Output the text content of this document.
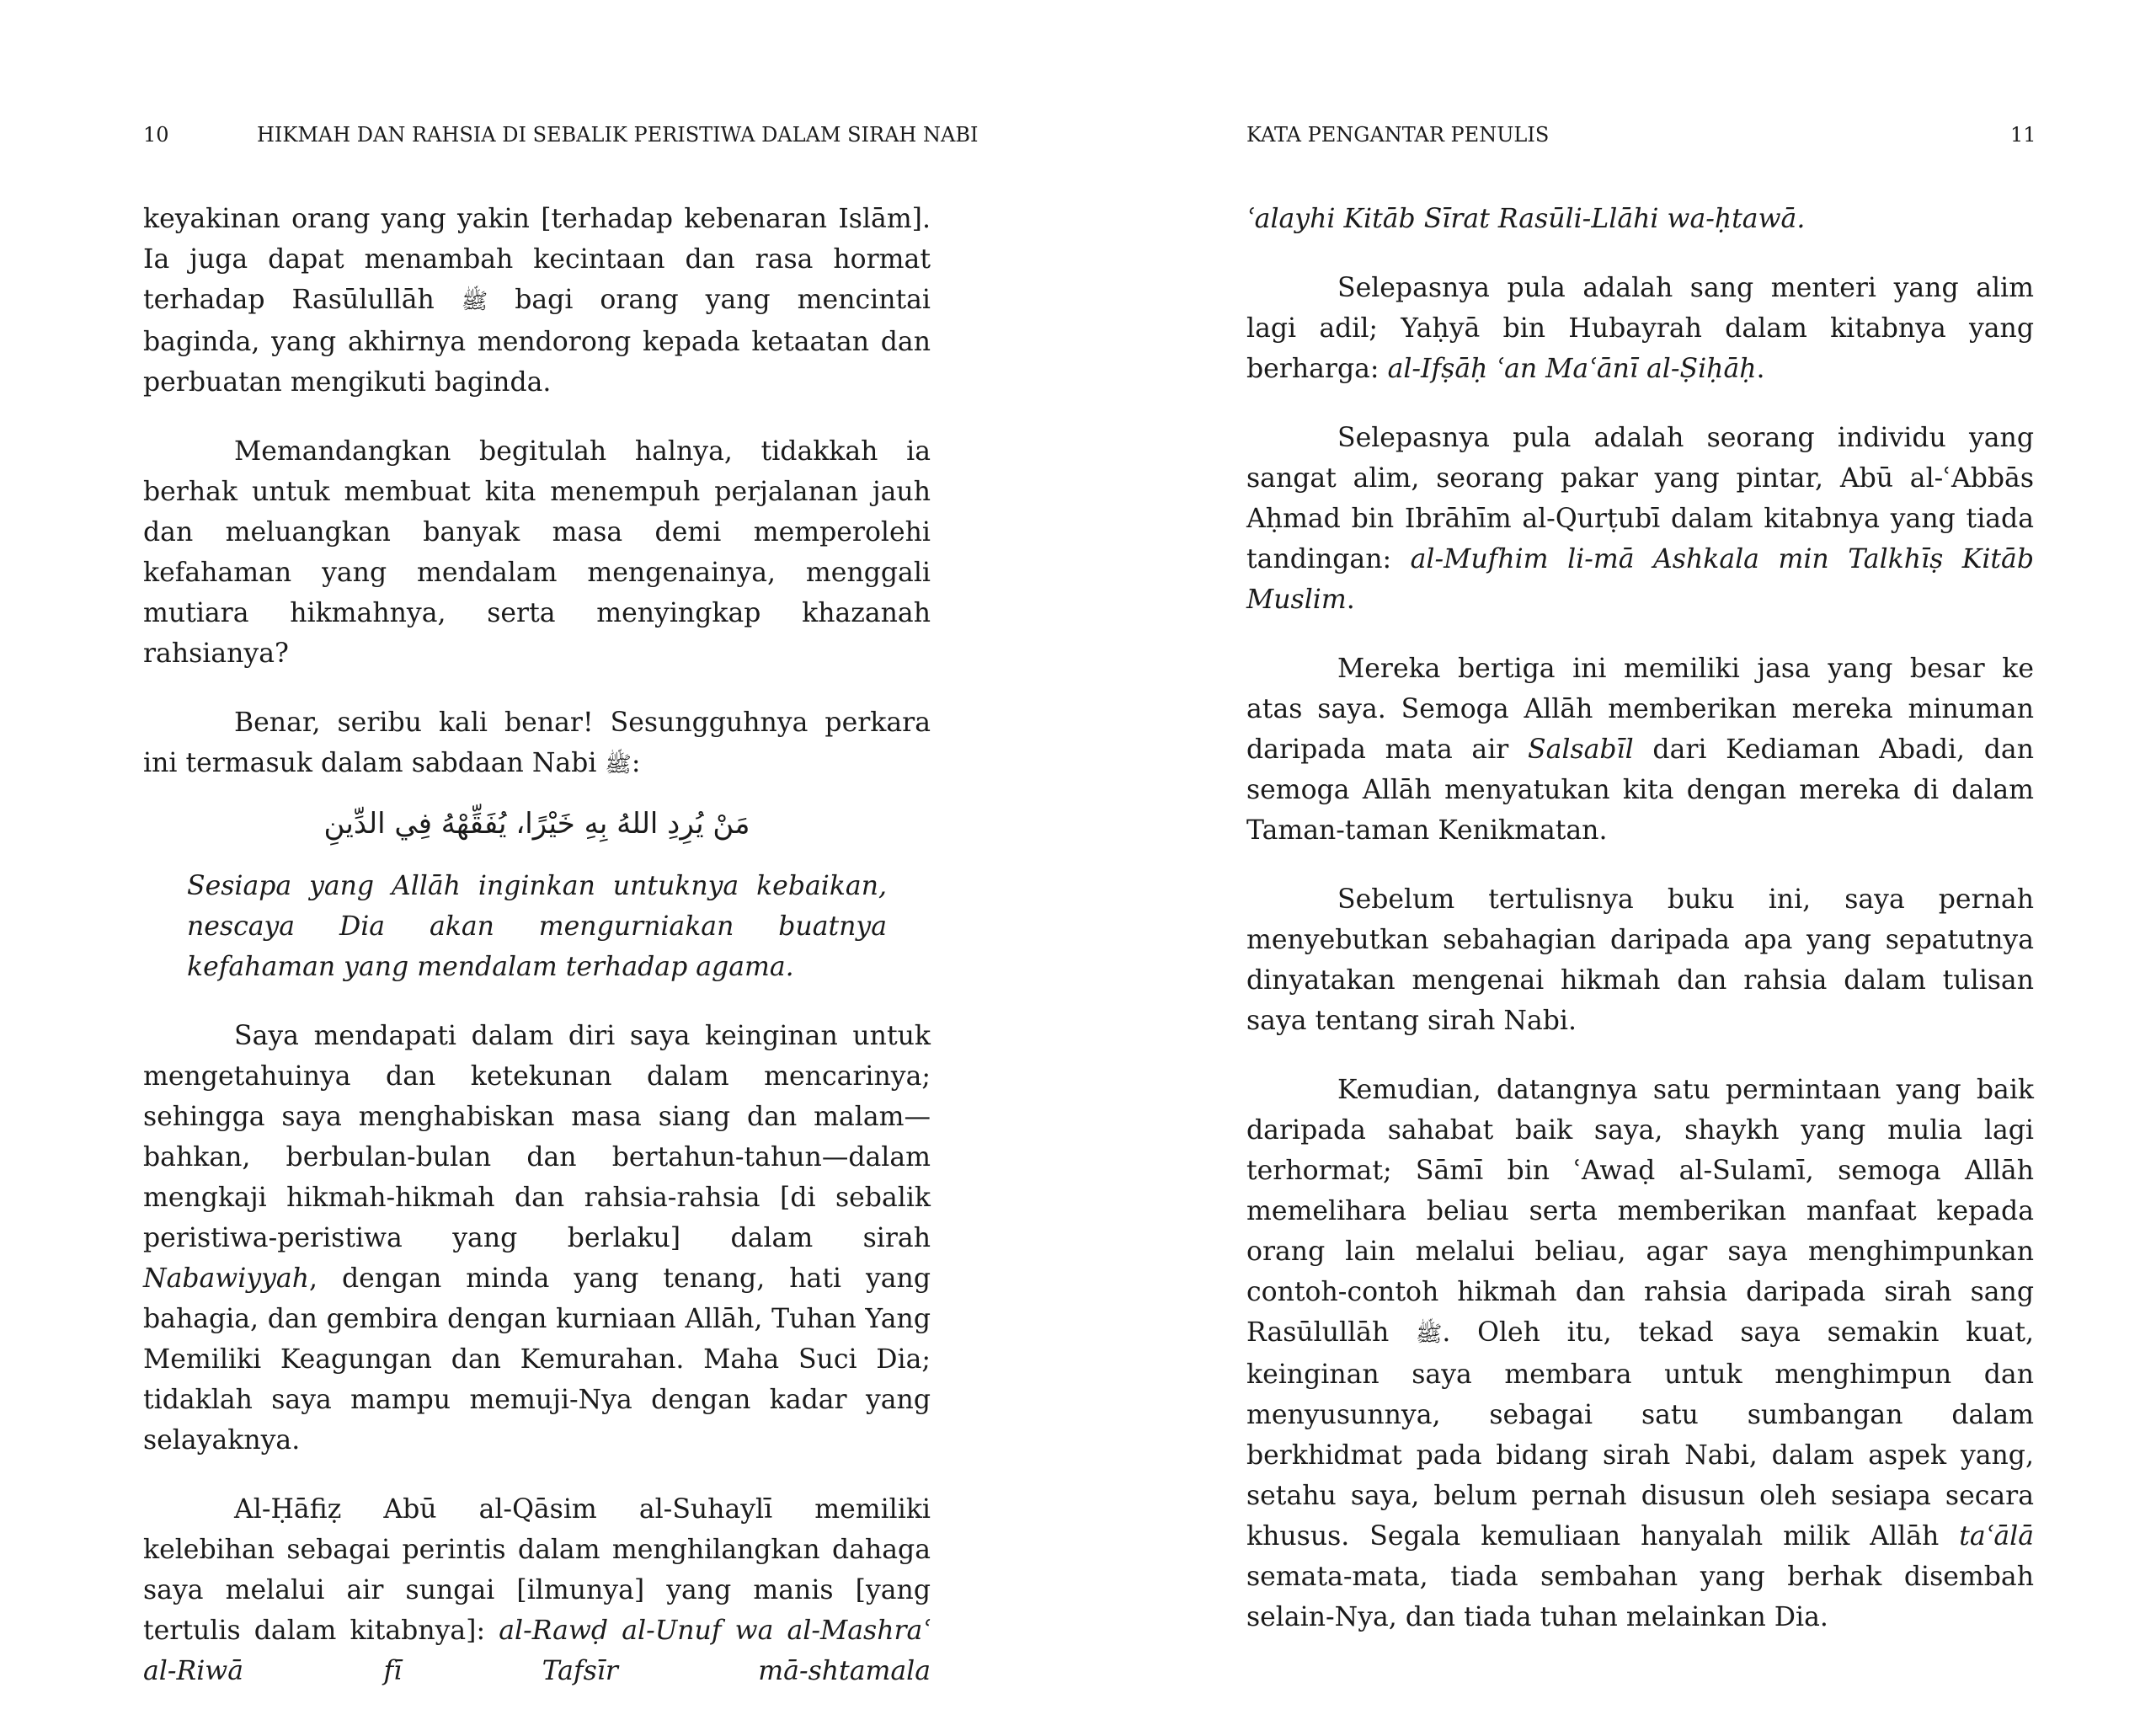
10	HIKMAH DAN RAHSIA DI SEBALIK PERISTIWA DALAM SIRAH NABI

keyakinan orang yang yakin [terhadap kebenaran Islām]. Ia juga dapat menambah kecintaan dan rasa hormat terhadap Rasūlullāh ﷺ bagi orang yang mencintai baginda, yang akhirnya mendorong kepada ketaatan dan perbuatan mengikuti baginda.

Memandangkan begitulah halnya, tidakkah ia berhak untuk membuat kita menempuh perjalanan jauh dan meluangkan banyak masa demi memperolehi kefahaman yang mendalam mengenainya, menggali mutiara hikmahnya, serta menyingkap khazanah rahsianya?

Benar, seribu kali benar! Sesungguhnya perkara ini termasuk dalam sabdaan Nabi ﷺ:

مَنْ يُرِدِ اللهُ بِهِ خَيْرًا، يُفَقِّهْهُ فِي الدِّينِ

Sesiapa yang Allāh inginkan untuknya kebaikan, nescaya Dia akan mengurniakan buatnya kefahaman yang mendalam terhadap agama.

Saya mendapati dalam diri saya keinginan untuk mengetahuinya dan ketekunan dalam mencarinya; sehingga saya menghabiskan masa siang dan malam—bahkan, berbulan-bulan dan bertahun-tahun—dalam mengkaji hikmah-hikmah dan rahsia-rahsia [di sebalik peristiwa-peristiwa yang berlaku] dalam sirah Nabawiyyah, dengan minda yang tenang, hati yang bahagia, dan gembira dengan kurniaan Allāh, Tuhan Yang Memiliki Keagungan dan Kemurahan. Maha Suci Dia; tidaklah saya mampu memuji-Nya dengan kadar yang selayaknya.

Al-Ḥāfiẓ Abū al-Qāsim al-Suhaylī memiliki kelebihan sebagai perintis dalam menghilangkan dahaga saya melalui air sungai [ilmunya] yang manis [yang tertulis dalam kitabnya]: al-Rawḍ al-Unuf wa al-Mashraʿ al-Riwā fī Tafsīr mā-shtamala

KATA PENGANTAR PENULIS	11

ʿalayhi Kitāb Sīrat Rasūli-Llāhi wa-ḥtawā.

Selepasnya pula adalah sang menteri yang alim lagi adil; Yaḥyā bin Hubayrah dalam kitabnya yang berharga: al-Ifṣāḥ ʿan Maʿānī al-Ṣiḥāḥ.

Selepasnya pula adalah seorang individu yang sangat alim, seorang pakar yang pintar, Abū al-ʿAbbās Aḥmad bin Ibrāhīm al-Qurṭubī dalam kitabnya yang tiada tandingan: al-Mufhim li-mā Ashkala min Talkhīṣ Kitāb Muslim.

Mereka bertiga ini memiliki jasa yang besar ke atas saya. Semoga Allāh memberikan mereka minuman daripada mata air Salsabīl dari Kediaman Abadi, dan semoga Allāh menyatukan kita dengan mereka di dalam Taman-taman Kenikmatan.

Sebelum tertulisnya buku ini, saya pernah menyebutkan sebahagian daripada apa yang sepatutnya dinyatakan mengenai hikmah dan rahsia dalam tulisan saya tentang sirah Nabi.

Kemudian, datangnya satu permintaan yang baik daripada sahabat baik saya, shaykh yang mulia lagi terhormat; Sāmī bin ʿAwaḍ al-Sulamī, semoga Allāh memelihara beliau serta memberikan manfaat kepada orang lain melalui beliau, agar saya menghimpunkan contoh-contoh hikmah dan rahsia daripada sirah sang Rasūlullāh ﷺ. Oleh itu, tekad saya semakin kuat, keinginan saya membara untuk menghimpun dan menyusunnya, sebagai satu sumbangan dalam berkhidmat pada bidang sirah Nabi, dalam aspek yang, setahu saya, belum pernah disusun oleh sesiapa secara khusus. Segala kemuliaan hanyalah milik Allāh taʿālā semata-mata, tiada sembahan yang berhak disembah selain-Nya, dan tiada tuhan melainkan Dia.
